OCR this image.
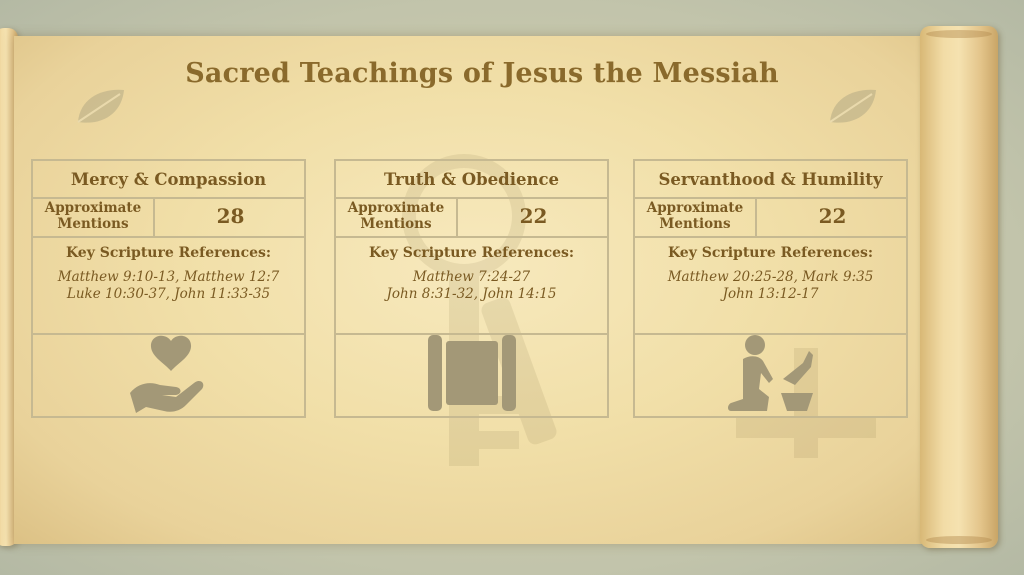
Sacred Teachings of Jesus the Messiah
Mercy & Compassion
Approximate Mentions	28
Key Scripture References:
Matthew 9:10-13, Matthew 12:7
Luke 10:30-37, John 11:33-35
Truth & Obedience
Approximate Mentions	22
Key Scripture References:
Matthew 7:24-27
John 8:31-32, John 14:15
Servanthood & Humility
Approximate Mentions	22
Key Scripture References:
Matthew 20:25-28, Mark 9:35
John 13:12-17
